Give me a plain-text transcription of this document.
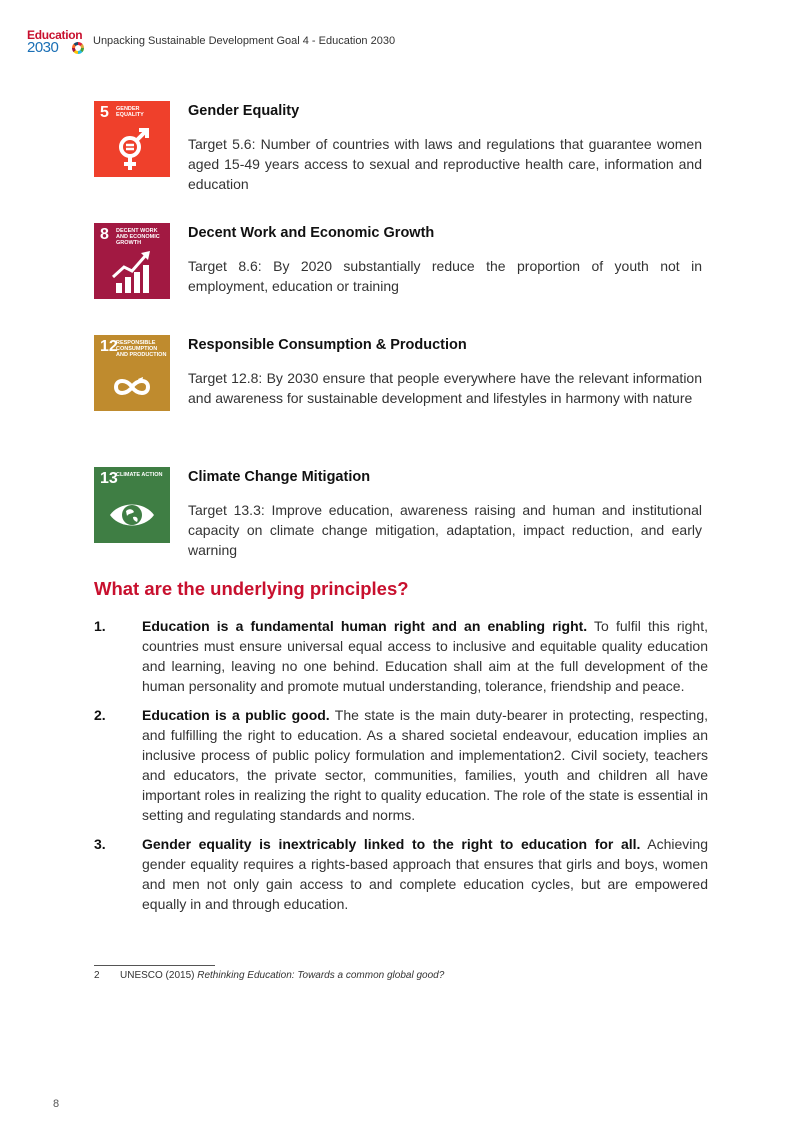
Education
2030	Unpacking Sustainable Development Goal 4 - Education 2030
5 GENDER EQUALITY	Gender Equality

Target 5.6: Number of countries with laws and regulations that guarantee women aged 15-49 years access to sexual and reproductive health care, information and education

8 DECENT WORK AND ECONOMIC GROWTH

Decent Work and Economic Growth

Target 8.6: By 2020 substantially reduce the proportion of youth not in employment, education or training

12
RESPONSIBLE CONSUMPTION AND PRODUCTION

Responsible Consumption & Production

Target 12.8: By 2030 ensure that people everywhere have the relevant information and awareness for sustainable development and lifestyles in harmony with nature

13
CLIMATE ACTION	Climate Change Mitigation

Target 13.3: Improve education, awareness raising and human and institutional capacity on climate change mitigation, adaptation, impact reduction, and early warning

What are the underlying principles?
1.	Education is a fundamental human right and an enabling right. To fulfil this right, countries must ensure universal equal access to inclusive and equitable quality education and learning, leaving no one behind. Education shall aim at the full development of the human personality and promote mutual understanding, tolerance, friendship and peace.
2.	Education is a public good. The state is the main duty-bearer in protecting, respecting, and fulfilling the right to education. As a shared societal endeavour, education implies an inclusive process of public policy formulation and implementation2. Civil society, teachers and educators, the private sector, communities, families, youth and children all have important roles in realizing the right to quality education. The role of the state is essential in setting and regulating standards and norms.
3.	Gender equality is inextricably linked to the right to education for all. Achieving gender equality requires a rights-based approach that ensures that girls and boys, women and men not only gain access to and complete education cycles, but are empowered equally in and through education.
2 UNESCO (2015) Rethinking Education: Towards a common global good?
8
